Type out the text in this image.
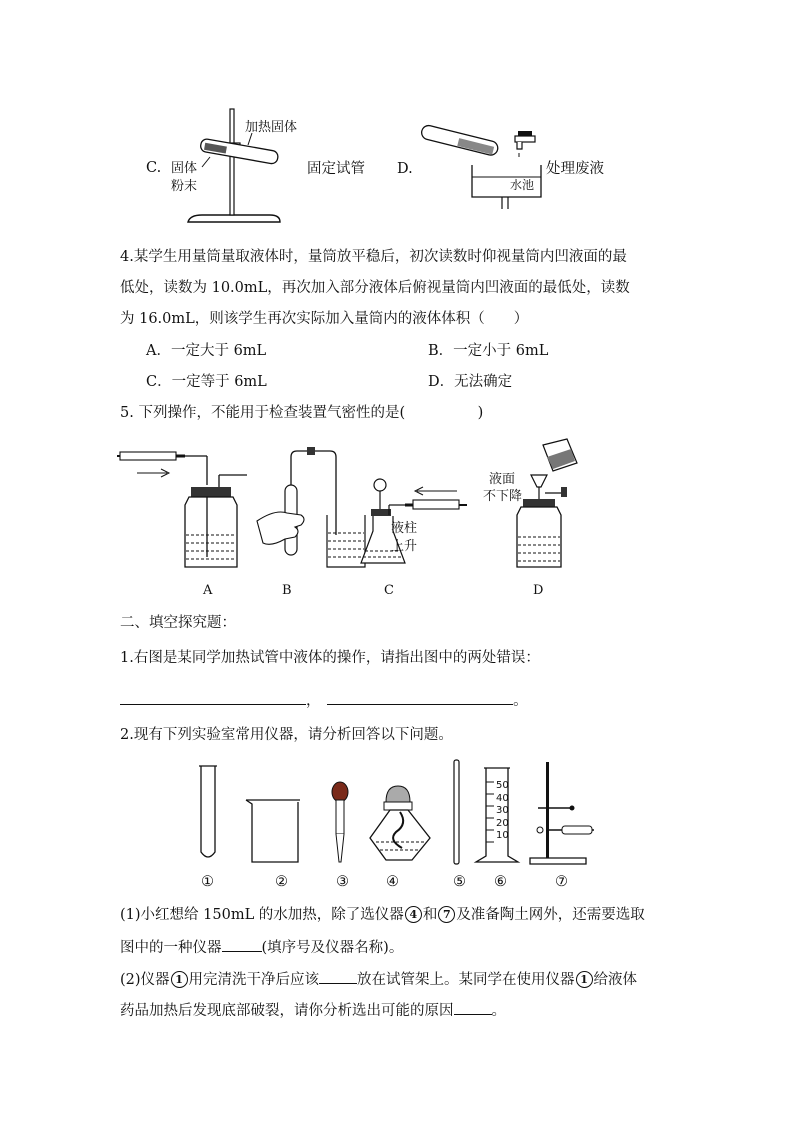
C.
加热固体
固体
粉末
固定试管 D.
水池
处理废液
4.某学生用量筒量取液体时，量筒放平稳后，初次读数时仰视量筒内凹液面的最
低处，读数为 10.0mL，再次加入部分液体后俯视量筒内凹液面的最低处，读数
为 16.0mL，则该学生再次实际加入量筒内的液体体积（　　）
A．一定大于 6mL	B．一定小于 6mL
C．一定等于 6mL	D．无法确定
5. 下列操作，不能用于检查装置气密性的是(　　　　　)
液柱
上升
液面
不下降
A	B	C	D
二、填空探究题：
1.右图是某同学加热试管中液体的操作，请指出图中的两处错误：
，	。
2.现有下列实验室常用仪器，请分析回答以下问题。
50
40
30
20
10
①	②	③	④	⑤ ⑥	⑦
(1)小红想给 150mL 的水加热，除了选仪器 4 和 7 及准备陶土网外，还需要选取
图中的一种仪器	(填序号及仪器名称)。
(2)仪器 1 用完清洗干净后应该	放在试管架上。某同学在使用仪器 1 给液体
药品加热后发现底部破裂，请你分析选出可能的原因	。
